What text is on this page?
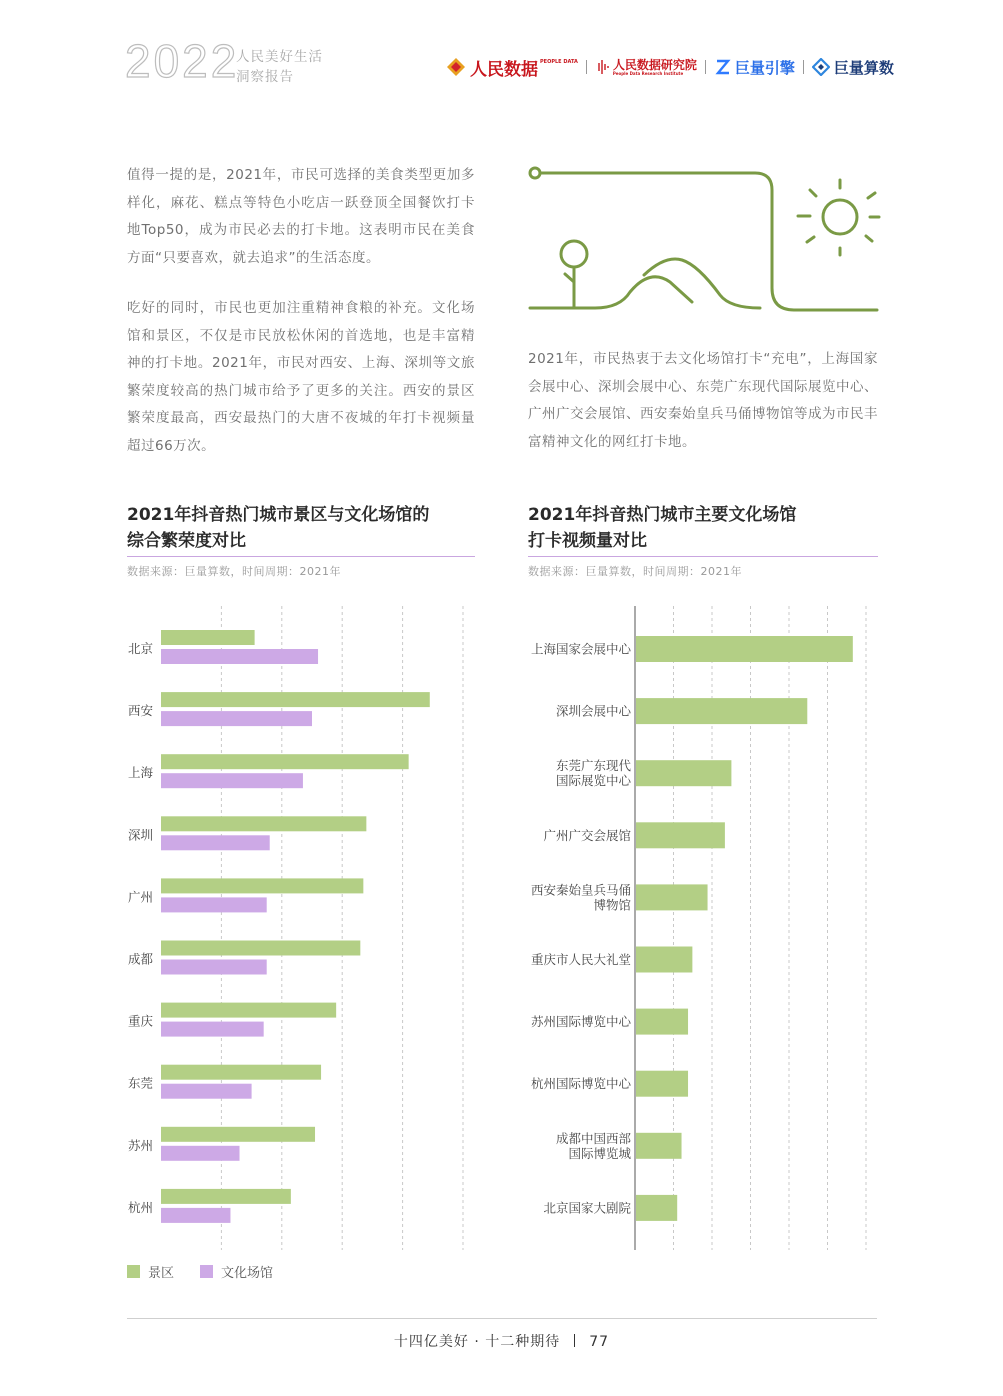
2022
人民美好生活
洞察报告	人民数据 PEOPLE DATA	人民数据研究院
People Data Research Institute	巨量引擎	巨量算数
值得一提的是，2021年，市民可选择的美食类型更加多样化，麻花、糕点等特色小吃店一跃登顶全国餐饮打卡地Top50，成为市民必去的打卡地。这表明市民在美食方面“只要喜欢，就去追求”的生活态度。
吃好的同时，市民也更加注重精神食粮的补充。文化场馆和景区，不仅是市民放松休闲的首选地，也是丰富精神的打卡地。2021年，市民对西安、上海、深圳等文旅繁荣度较高的热门城市给予了更多的关注。西安的景区繁荣度最高，西安最热门的大唐不夜城的年打卡视频量超过66万次。
2021年，市民热衷于去文化场馆打卡“充电”，上海国家会展中心、深圳会展中心、东莞广东现代国际展览中心、广州广交会展馆、西安秦始皇兵马俑博物馆等成为市民丰富精神文化的网红打卡地。
2021年抖音热门城市景区与文化场馆的
综合繁荣度对比
数据来源：巨量算数，时间周期：2021年
北京
西安
上海
深圳
广州
成都
重庆
东莞
苏州
杭州
2021年抖音热门城市主要文化场馆
打卡视频量对比
数据来源：巨量算数，时间周期：2021年
上海国家会展中心
深圳会展中心
东莞广东现代
国际展览中心
广州广交会展馆
西安秦始皇兵马俑
博物馆
重庆市人民大礼堂
苏州国际博览中心
杭州国际博览中心
成都中国西部
国际博览城
北京国家大剧院
景区	文化场馆
十四亿美好 · 十二种期待 77
